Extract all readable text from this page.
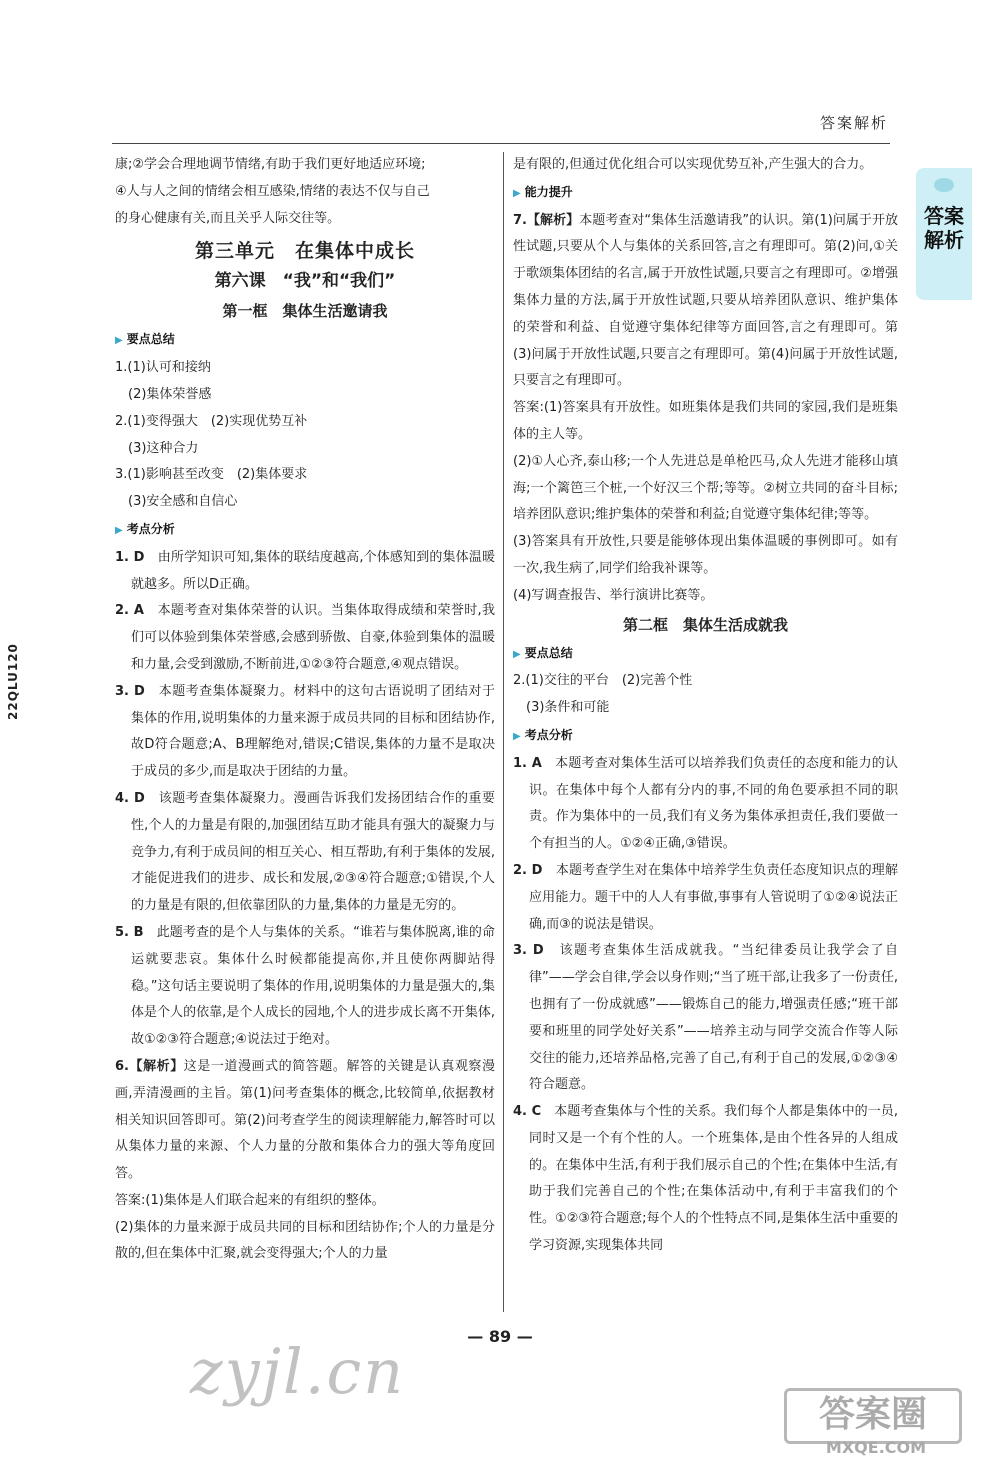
答案解析
答案解析
22QLU120

康;②学会合理地调节情绪,有助于我们更好地适应环境;

④人与人之间的情绪会相互感染,情绪的表达不仅与自己

的身心健康有关,而且关乎人际交往等。

第三单元　在集体中成长
第六课　“我”和“我们”
第一框　集体生活邀请我
▶ 要点总结

1.(1)认可和接纳

　(2)集体荣誉感

2.(1)变得强大　(2)实现优势互补

　(3)这种合力

3.(1)影响甚至改变　(2)集体要求

　(3)安全感和自信心

▶ 考点分析

1. D　 由所学知识可知,集体的联结度越高,个体感知到的集体温暖就越多。所以D正确。

2. A　 本题考查对集体荣誉的认识。当集体取得成绩和荣誉时,我们可以体验到集体荣誉感,会感到骄傲、自豪,体验到集体的温暖和力量,会受到激励,不断前进,①②③符合题意,④观点错误。

3. D　 本题考查集体凝聚力。材料中的这句古语说明了团结对于集体的作用,说明集体的力量来源于成员共同的目标和团结协作,故D符合题意;A、B理解绝对,错误;C错误,集体的力量不是取决于成员的多少,而是取决于团结的力量。

4. D　 该题考查集体凝聚力。漫画告诉我们发扬团结合作的重要性,个人的力量是有限的,加强团结互助才能具有强大的凝聚力与竞争力,有利于成员间的相互关心、相互帮助,有利于集体的发展,才能促进我们的进步、成长和发展,②③④符合题意;①错误,个人的力量是有限的,但依靠团队的力量,集体的力量是无穷的。

5. B　 此题考查的是个人与集体的关系。“谁若与集体脱离,谁的命运就要悲哀。集体什么时候都能提高你,并且使你两脚站得稳。”这句话主要说明了集体的作用,说明集体的力量是强大的,集体是个人的依靠,是个人成长的园地,个人的进步成长离不开集体,故①②③符合题意;④说法过于绝对。

6.【解析】这是一道漫画式的简答题。解答的关键是认真观察漫画,弄清漫画的主旨。第(1)问考查集体的概念,比较简单,依据教材相关知识回答即可。第(2)问考查学生的阅读理解能力,解答时可以从集体力量的来源、个人力量的分散和集体合力的强大等角度回答。

答案:(1)集体是人们联合起来的有组织的整体。

(2)集体的力量来源于成员共同的目标和团结协作;个人的力量是分散的,但在集体中汇聚,就会变得强大;个人的力量

是有限的,但通过优化组合可以实现优势互补,产生强大的合力。

▶ 能力提升

7.【解析】本题考查对“集体生活邀请我”的认识。第(1)问属于开放性试题,只要从个人与集体的关系回答,言之有理即可。第(2)问,①关于歌颂集体团结的名言,属于开放性试题,只要言之有理即可。②增强集体力量的方法,属于开放性试题,只要从培养团队意识、维护集体的荣誉和利益、自觉遵守集体纪律等方面回答,言之有理即可。第(3)问属于开放性试题,只要言之有理即可。第(4)问属于开放性试题,只要言之有理即可。

答案:(1)答案具有开放性。如班集体是我们共同的家园,我们是班集体的主人等。

(2)①人心齐,泰山移;一个人先进总是单枪匹马,众人先进才能移山填海;一个篱笆三个桩,一个好汉三个帮;等等。②树立共同的奋斗目标;培养团队意识;维护集体的荣誉和利益;自觉遵守集体纪律;等等。

(3)答案具有开放性,只要是能够体现出集体温暖的事例即可。如有一次,我生病了,同学们给我补课等。

(4)写调查报告、举行演讲比赛等。

第二框　集体生活成就我
▶ 要点总结

2.(1)交往的平台　(2)完善个性

　(3)条件和可能

▶ 考点分析

1. A　 本题考查对集体生活可以培养我们负责任的态度和能力的认识。在集体中每个人都有分内的事,不同的角色要承担不同的职责。作为集体中的一员,我们有义务为集体承担责任,我们要做一个有担当的人。①②④正确,③错误。

2. D　 本题考查学生对在集体中培养学生负责任态度知识点的理解应用能力。题干中的人人有事做,事事有人管说明了①②④说法正确,而③的说法是错误。

3. D　 该题考查集体生活成就我。“当纪律委员让我学会了自律”——学会自律,学会以身作则;“当了班干部,让我多了一份责任,也拥有了一份成就感”——锻炼自己的能力,增强责任感;“班干部要和班里的同学处好关系”——培养主动与同学交流合作等人际交往的能力,还培养品格,完善了自己,有利于自己的发展,①②③④符合题意。

4. C　 本题考查集体与个性的关系。我们每个人都是集体中的一员,同时又是一个有个性的人。一个班集体,是由个性各异的人组成的。在集体中生活,有利于我们展示自己的个性;在集体中生活,有助于我们完善自己的个性;在集体活动中,有利于丰富我们的个性。①②③符合题意;每个人的个性特点不同,是集体生活中重要的学习资源,实现集体共同

— 89 —
zyjl.cn
答案圈
MXQE.COM
